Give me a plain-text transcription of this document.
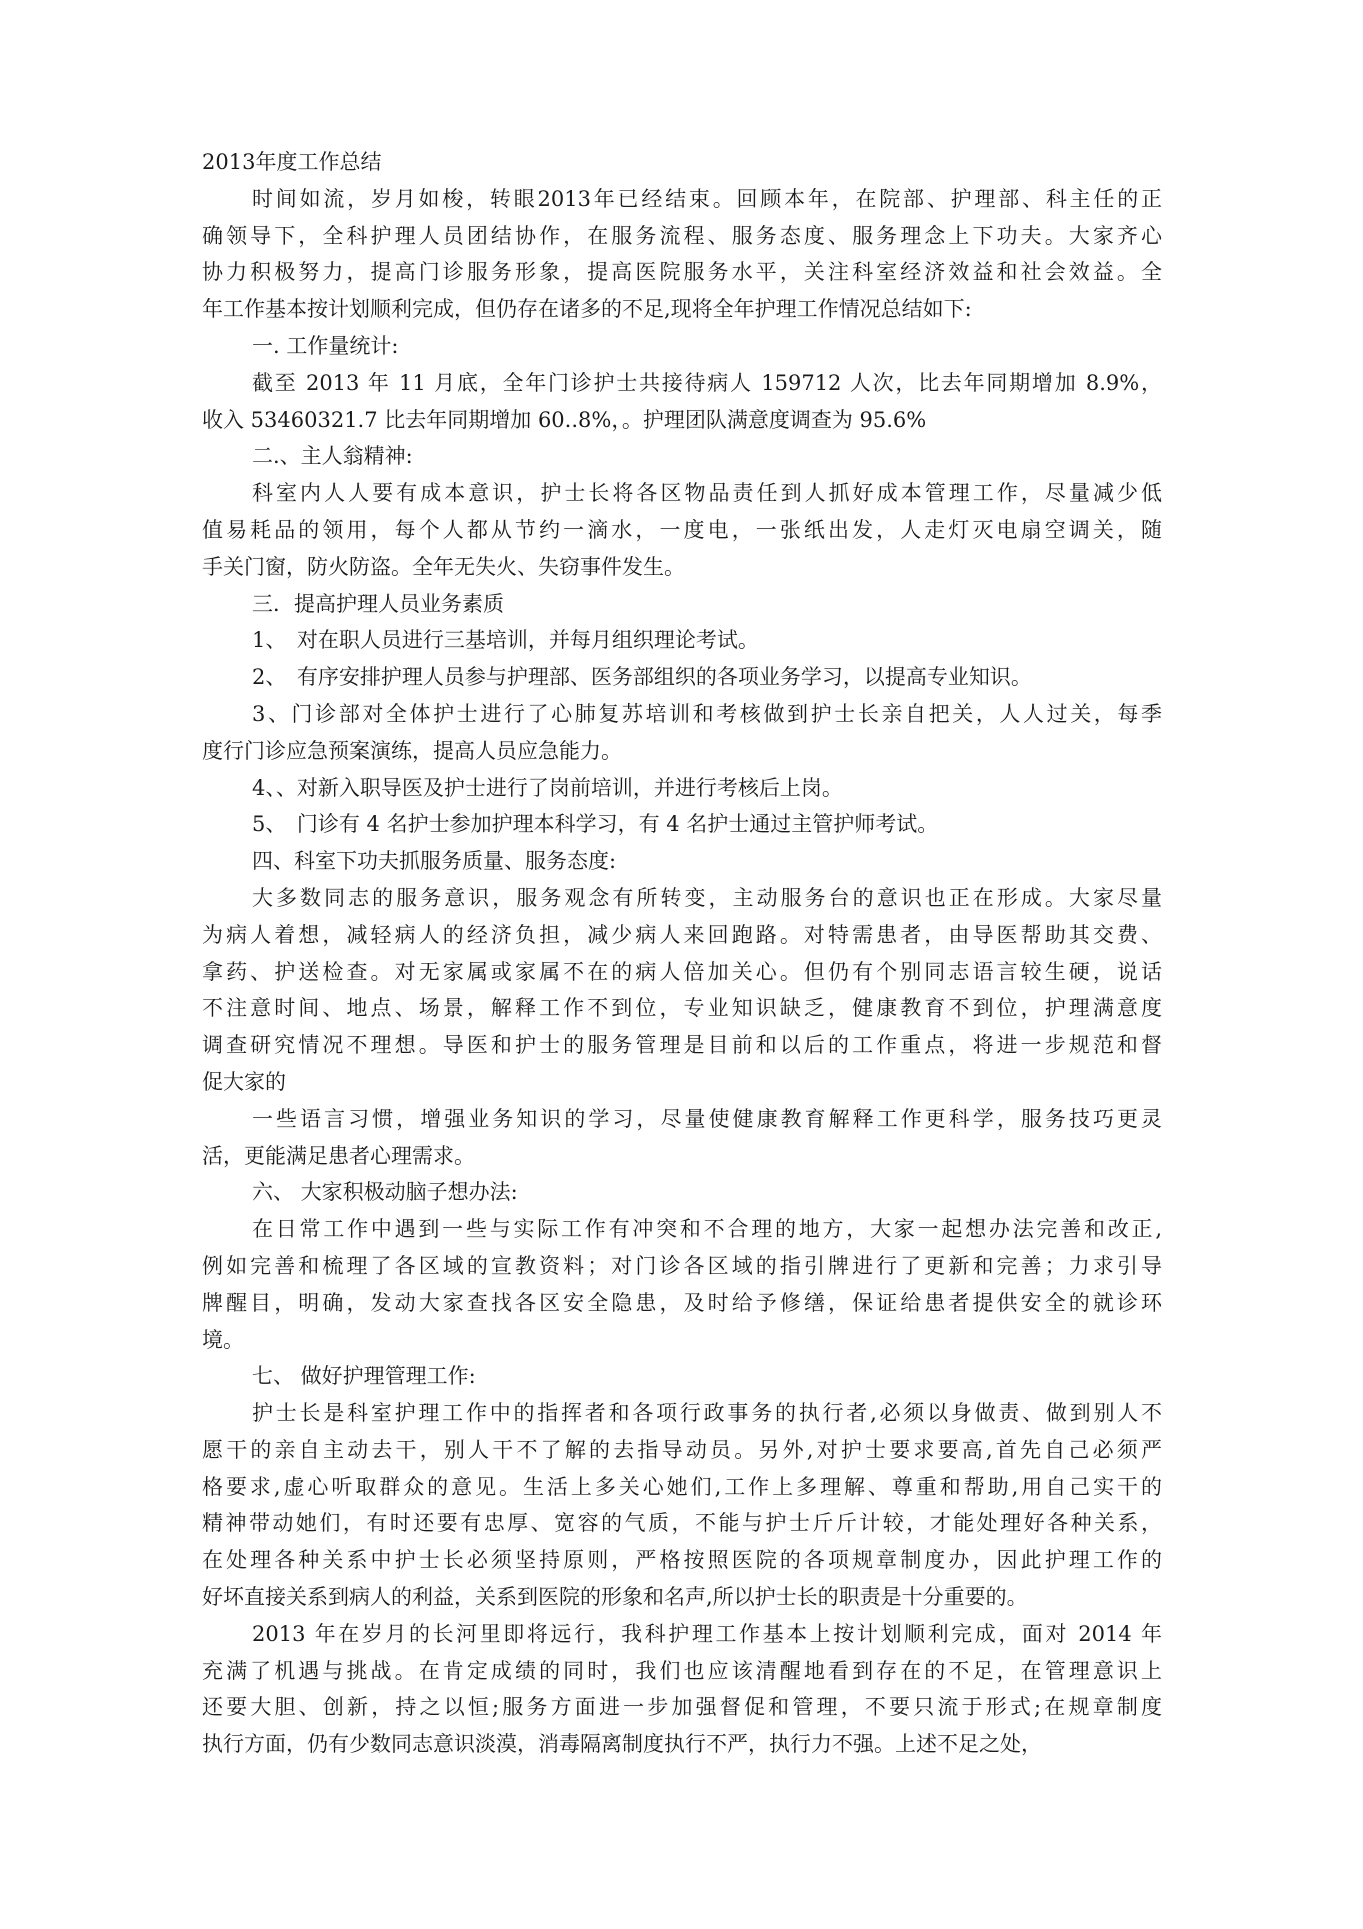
2013年度工作总结
时间如流，岁月如梭，转眼2013年已经结束。回顾本年，在院部、护理部、科主任的正
确领导下，全科护理人员团结协作，在服务流程、服务态度、服务理念上下功夫。大家齐心
协力积极努力，提高门诊服务形象，提高医院服务水平，关注科室经济效益和社会效益。全
年工作基本按计划顺利完成，但仍存在诸多的不足,现将全年护理工作情况总结如下:
一. 工作量统计:
截至 2013 年 11 月底，全年门诊护士共接待病人 159712 人次，比去年同期增加 8.9%，
收入 53460321.7 比去年同期增加 60..8%，。护理团队满意度调查为 95.6%
二.、主人翁精神:
科室内人人要有成本意识，护士长将各区物品责任到人抓好成本管理工作，尽量减少低
值易耗品的领用，每个人都从节约一滴水，一度电，一张纸出发，人走灯灭电扇空调关，随
手关门窗，防火防盗。全年无失火、失窃事件发生。
三．提高护理人员业务素质
1、　对在职人员进行三基培训，并每月组织理论考试。
2、　有序安排护理人员参与护理部、医务部组织的各项业务学习，以提高专业知识。
3、门诊部对全体护士进行了心肺复苏培训和考核做到护士长亲自把关，人人过关，每季
度行门诊应急预案演练，提高人员应急能力。
4、、对新入职导医及护士进行了岗前培训，并进行考核后上岗。
5、　门诊有 4 名护士参加护理本科学习，有 4 名护士通过主管护师考试。
四、科室下功夫抓服务质量、服务态度:
大多数同志的服务意识，服务观念有所转变，主动服务台的意识也正在形成。大家尽量
为病人着想，减轻病人的经济负担，减少病人来回跑路。对特需患者，由导医帮助其交费、
拿药、护送检查。对无家属或家属不在的病人倍加关心。但仍有个别同志语言较生硬，说话
不注意时间、地点、场景，解释工作不到位，专业知识缺乏，健康教育不到位，护理满意度
调查研究情况不理想。导医和护士的服务管理是目前和以后的工作重点，将进一步规范和督
促大家的
一些语言习惯，增强业务知识的学习，尽量使健康教育解释工作更科学，服务技巧更灵
活，更能满足患者心理需求。
六、 大家积极动脑子想办法:
在日常工作中遇到一些与实际工作有冲突和不合理的地方，大家一起想办法完善和改正,
例如完善和梳理了各区域的宣教资料；对门诊各区域的指引牌进行了更新和完善；力求引导
牌醒目，明确，发动大家查找各区安全隐患，及时给予修缮，保证给患者提供安全的就诊环
境。
七、 做好护理管理工作:
护士长是科室护理工作中的指挥者和各项行政事务的执行者,必须以身做责、做到别人不
愿干的亲自主动去干，别人干不了解的去指导动员。另外,对护士要求要高,首先自己必须严
格要求,虚心听取群众的意见。生活上多关心她们,工作上多理解、尊重和帮助,用自己实干的
精神带动她们，有时还要有忠厚、宽容的气质，不能与护士斤斤计较，才能处理好各种关系，
在处理各种关系中护士长必须坚持原则，严格按照医院的各项规章制度办，因此护理工作的
好坏直接关系到病人的利益，关系到医院的形象和名声,所以护士长的职责是十分重要的。
2013 年在岁月的长河里即将远行，我科护理工作基本上按计划顺利完成，面对 2014 年
充满了机遇与挑战。在肯定成绩的同时，我们也应该清醒地看到存在的不足，在管理意识上
还要大胆、创新，持之以恒;服务方面进一步加强督促和管理，不要只流于形式;在规章制度
执行方面，仍有少数同志意识淡漠，消毒隔离制度执行不严，执行力不强。上述不足之处，
